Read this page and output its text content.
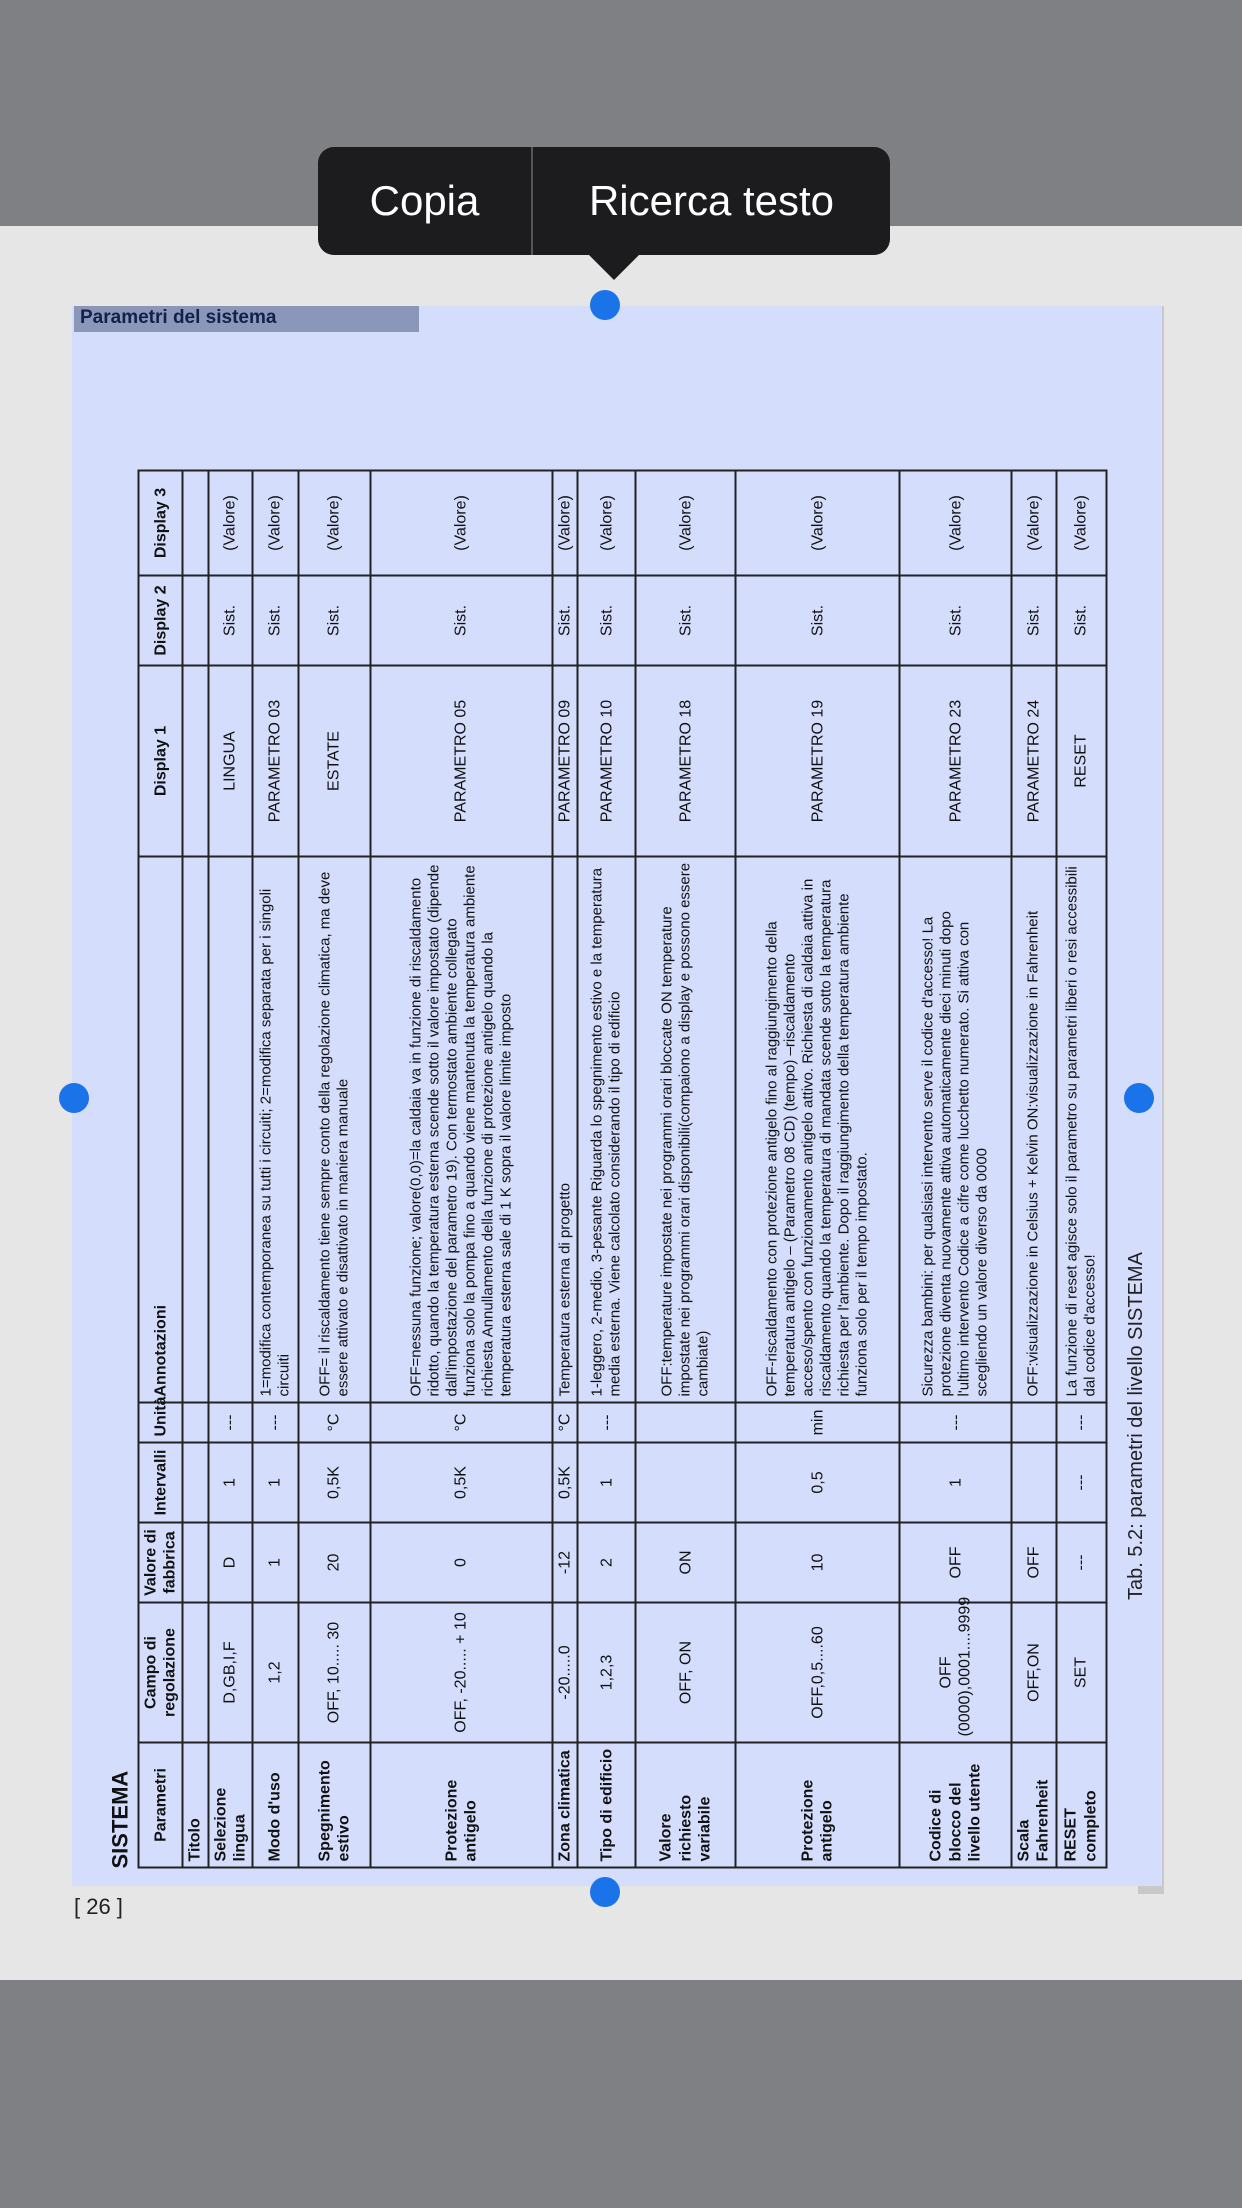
Parametri del sistema
SISTEMA Parametri	Campo di regolazione	Valore di fabbrica	Intervalli	Unità	Annotazioni	Display 1	Display 2	Display 3
Titolo								
Selezione lingua	D,GB,I,F	D	1	---		LINGUA	Sist.	(Valore)
Modo d'uso	1,2	1	1	---	1=modifica contemporanea su tutti i circuiti; 2=modifica separata per i singoli circuiti	PARAMETRO 03	Sist.	(Valore)
Spegnimento estivo	OFF, 10..... 30	20	0,5K	°C	OFF= il riscaldamento tiene sempre conto della regolazione climatica, ma deve essere attivato e disattivato in maniera manuale	ESTATE	Sist.	(Valore)
Protezione antigelo	OFF, -20..... + 10	0	0,5K	°C	OFF=nessuna funzione; valore(0,0)=la caldaia va in funzione di riscaldamento ridotto, quando la temperatura esterna scende sotto il valore impostato (dipende dall'impostazione del parametro 19). Con termostato ambiente collegato funziona solo la pompa fino a quando viene mantenuta la temperatura ambiente richiesta Annullamento della funzione di protezione antigelo quando la temperatura esterna sale di 1 K sopra il valore limite imposto	PARAMETRO 05	Sist.	(Valore)
Zona climatica	-20.....0	-12	0,5K	°C	Temperatura esterna di progetto	PARAMETRO 09	Sist.	(Valore)
Tipo di edificio	1,2,3	2	1	---	1-leggero, 2-medio, 3-pesante Riguarda lo spegnimento estivo e la temperatura media esterna. Viene calcolato considerando il tipo di edificio	PARAMETRO 10	Sist.	(Valore)
Valore richiesto variabile	OFF, ON	ON			OFF:temperature impostate nei programmi orari bloccate ON temperature impostate nei programmi orari disponibili(compaiono a display e possono essere cambiate)	PARAMETRO 18	Sist.	(Valore)
Protezione antigelo	OFF,0,5....60	10	0,5	min	OFF-riscaldamento con protezione antigelo fino al raggiungimento della temperatura antigelo – (Parametro 08 CD) (tempo) –riscaldamento acceso/spento con funzionamento antigelo attivo. Richiesta di caldaia attiva in riscaldamento quando la temperatura di mandata scende sotto la temperatura richiesta per l'ambiente. Dopo il raggiungimento della temperatura ambiente funziona solo per il tempo impostato.	PARAMETRO 19	Sist.	(Valore)
Codice di blocco del livello utente	OFF (0000),0001....9999	OFF	1	---	Sicurezza bambini: per qualsiasi intervento serve il codice d'accesso! La protezione diventa nuovamente attiva automaticamente dieci minuti dopo l'ultimo intervento Codice a cifre come lucchetto numerato. Si attiva con scegliendo un valore diverso da 0000	PARAMETRO 23	Sist.	(Valore)
Scala Fahrenheit	OFF,ON	OFF			OFF:visualizzazione in Celsius + Kelvin ON:visualizzazione in Fahrenheit	PARAMETRO 24	Sist.	(Valore)
RESET completo	SET	---	---	---	La funzione di reset agisce solo il parametro su parametri liberi o resi accessibili dal codice d'accesso!	RESET	Sist.	(Valore)
Tab. 5.2: parametri del livello SISTEMA
[ 26 ]
Copia	Ricerca testo
